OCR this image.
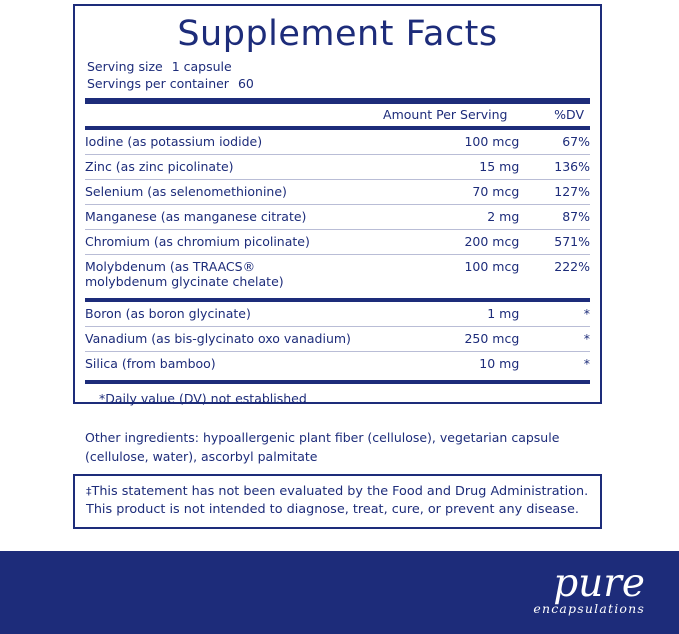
Supplement Facts
Serving size 1 capsule
Servings per container 60
	Amount Per Serving	%DV
Iodine (as potassium iodide)	100 mcg	67%

Zinc (as zinc picolinate)	15 mg	136%

Selenium (as selenomethionine)	70 mcg	127%

Manganese (as manganese citrate)	2 mg	87%

Chromium (as chromium picolinate)	200 mcg	571%

Molybdenum (as TRAACS®
molybdenum glycinate chelate)	100 mcg	222%
Boron (as boron glycinate)	1 mg	*

Vanadium (as bis-glycinato oxo vanadium)	250 mcg	*

Silica (from bamboo)	10 mg	*
*Daily value (DV) not established
Other ingredients: hypoallergenic plant fiber (cellulose), vegetarian capsule (cellulose, water), ascorbyl palmitate
‡This statement has not been evaluated by the Food and Drug Administration.
This product is not intended to diagnose, treat, cure, or prevent any disease.
pure
encapsulations
